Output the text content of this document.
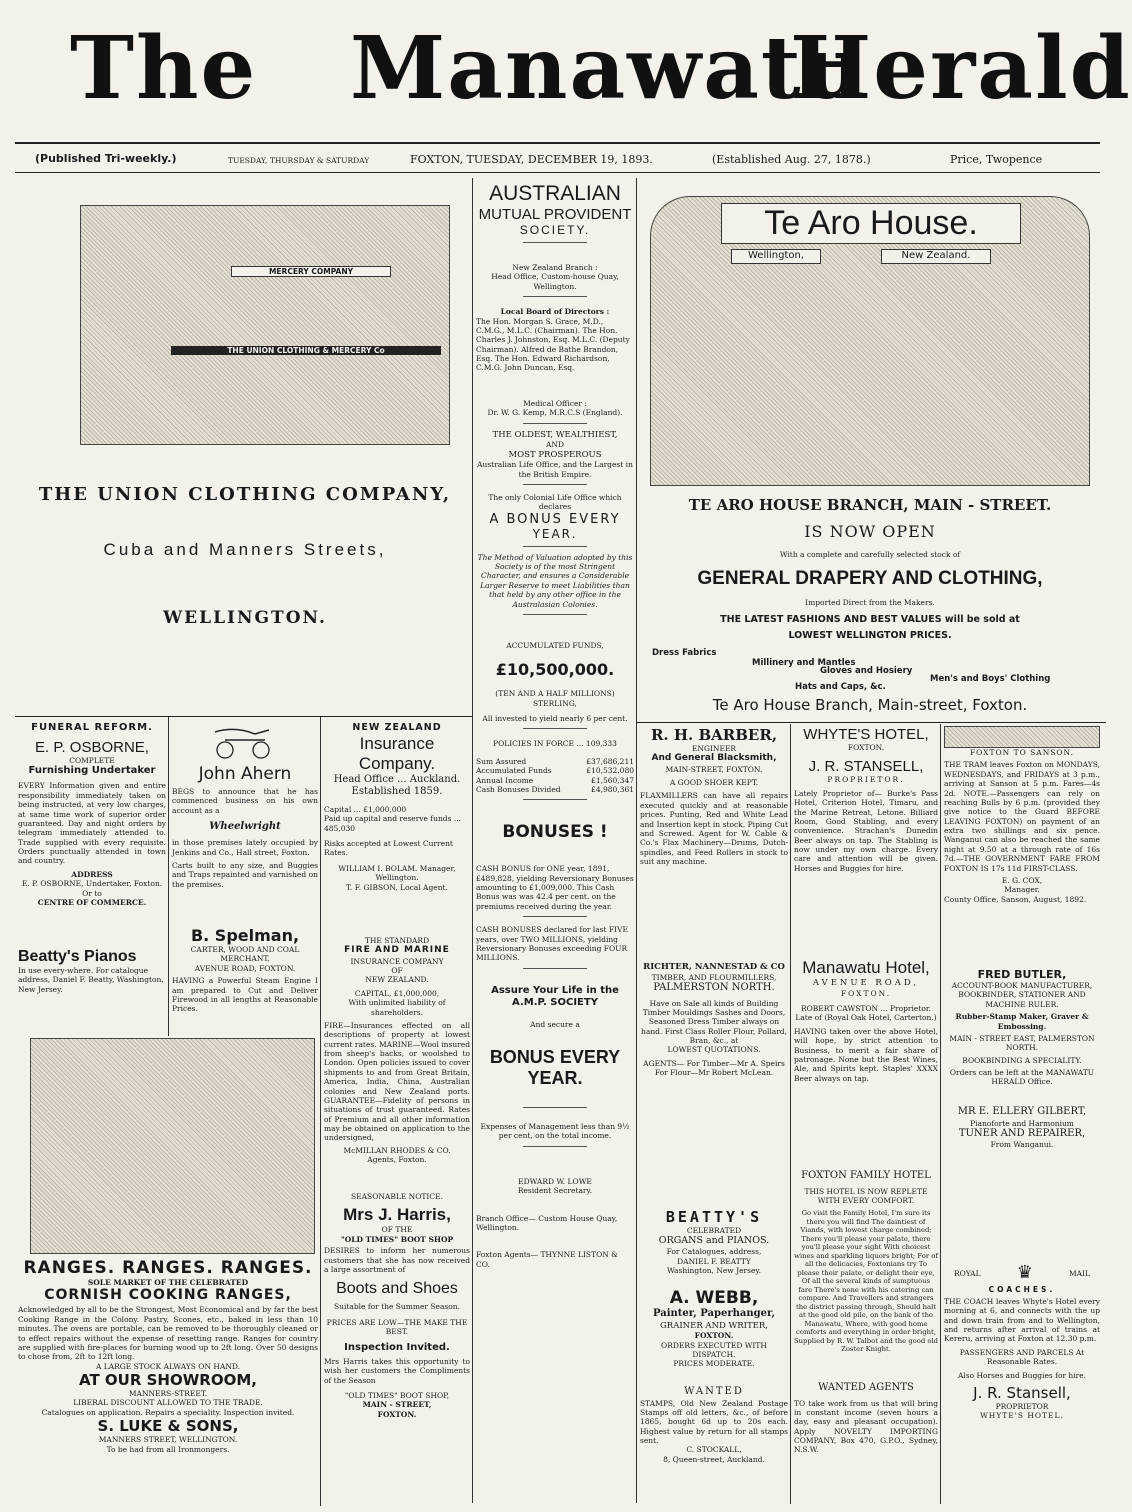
The Manawatu
Herald
(Published Tri-weekly.)	TUESDAY, THURSDAY & SATURDAY	FOXTON, TUESDAY, DECEMBER 19, 1893.	(Established Aug. 27, 1878.)	Price, Twopence
MERCERY COMPANY
THE UNION CLOTHING & MERCERY Co
THE UNION CLOTHING COMPANY,
Cuba and Manners Streets,
WELLINGTON.
AUSTRALIAN
MUTUAL PROVIDENT
SOCIETY.
New Zealand Branch :
Head Office, Custom-house Quay, Wellington.
Local Board of Directors :
The Hon. Morgan S. Grace, M.D., C.M.G., M.L.C. (Chairman). The Hon. Charles J. Johnston, Esq. M.L.C. (Deputy Chairman). Alfred de Bathe Brandon, Esq. The Hon. Edward Richardson, C.M.G. John Duncan, Esq.
Medical Officer :
Dr. W. G. Kemp, M.R.C.S (England).
THE OLDEST, WEALTHIEST,
AND
MOST PROSPEROUS
Australian Life Office, and the Largest in the British Empire.
The only Colonial Life Office which
declares
A BONUS EVERY
YEAR.
The Method of Valuation adopted by this Society is of the most Stringent Character, and ensures a Considerable Larger Reserve to meet Liabilities than that held by any other office in the Australasian Colonies.
ACCUMULATED FUNDS,
£10,500,000.
(TEN AND A HALF MILLIONS) STERLING,
All invested to yield nearly 6 per cent.
POLICIES IN FORCE ... 109,333
Sum Assured	£37,686,211
Accumulated Funds	£10,532,080
Annual Income	£1,560,347
Cash Bonuses Divided	£4,980,361
BONUSES !
CASH BONUS for ONE year, 1891, £489,828, yielding Reversionary Bonuses amounting to £1,009,000. This Cash Bonus was was 42.4 per cent. on the premiums received during the year.
CASH BONUSES declared for last FIVE years, over TWO MILLIONS, yielding Reversionary Bonuses exceeding FOUR MILLIONS.
Assure Your Life in the A.M.P. SOCIETY
And secure a
BONUS EVERY YEAR.
Expenses of Management less than 9½ per cent, on the total income.
EDWARD W. LOWE
Resident Secretary.
Branch Office— Custom House Quay, Wellington.
Foxton Agents— THYNNE LISTON & CO.
Te Aro House.
Wellington,	New Zealand.
TE ARO HOUSE BRANCH, MAIN - STREET.
IS NOW OPEN
With a complete and carefully selected stock of
GENERAL DRAPERY AND CLOTHING,
Imported Direct from the Makers.
THE LATEST FASHIONS AND BEST VALUES will be sold at
LOWEST WELLINGTON PRICES.
Dress Fabrics
Millinery and Mantles
Gloves and Hosiery
Men's and Boys' Clothing
Hats and Caps, &c.
Te Aro House Branch, Main-street, Foxton.
FUNERAL REFORM.
E. P. OSBORNE,
COMPLETE
Furnishing Undertaker
EVERY Information given and entire responsibility immediately taken on being instructed, at very low charges, at same time work of superior order guaranteed. Day and night orders by telegram immediately attended to. Trade supplied with every requisite. Orders punctually attended in town and country.
ADDRESS
E. P. OSBORNE, Undertaker, Foxton.
Or to
CENTRE OF COMMERCE.
John Ahern
BEGS to announce that he has commenced business on his own account as a
Wheelwright
in those premises lately occupied by Jenkins and Co., Hall street, Foxton.
Carts built to any size, and Buggies and Traps repainted and varnished on the premises.
B. Spelman,
CARTER, WOOD AND COAL MERCHANT,
AVENUE ROAD, FOXTON.
HAVING a Powerful Steam Engine I am prepared to Cut and Deliver Firewood in all lengths at Reasonable Prices.
Beatty's Pianos
In use every-where. For catalogue address, Daniel F. Beatty, Washington, New Jersey.
RANGES. RANGES. RANGES.
SOLE MARKET OF THE CELEBRATED
CORNISH COOKING RANGES,
Acknowledged by all to be the Strongest, Most Economical and by far the best Cooking Range in the Colony. Pastry, Scones, etc., baked in less than 10 minutes. The ovens are portable, can be removed to be thoroughly cleaned or to effect repairs without the expense of resetting range. Ranges for country are supplied with fire-places for burning wood up to 2ft long. Over 50 designs to chose from, 2ft to 12ft long.
A LARGE STOCK ALWAYS ON HAND.
AT OUR SHOWROOM,
MANNERS-STREET.
LIBERAL DISCOUNT ALLOWED TO THE TRADE.
Catalogues on application. Repairs a speciality. Inspection invited.
S. LUKE & SONS,
MANNERS STREET, WELLINGTON.
To be had from all Ironmongers.
NEW ZEALAND
Insurance Company.
Head Office ... Auckland.
Established 1859.
Capital ... £1,000,000
Paid up capital and reserve funds ... 485,030
Risks accepted at Lowest Current Rates.
WILLIAM I. BOLAM. Manager, Wellington.
T. F. GIBSON, Local Agent.
THE STANDARD
FIRE AND MARINE
INSURANCE COMPANY
OF
NEW ZEALAND.
CAPITAL, £1,000,000,
With unlimited liability of shareholders.
FIRE—Insurances effected on all descriptions of property at lowest current rates. MARINE—Wool insured from sheep's backs, or woolshed to London. Open policies issued to cover shipments to and from Great Britain, America, India, China, Australian colonies and New Zealand ports. GUARANTEE—Fidelity of persons in situations of trust guaranteed. Rates of Premium and all other information may be obtained on application to the undersigned,
McMILLAN RHODES & CO.
Agents, Foxton.
SEASONABLE NOTICE.
Mrs J. Harris,
OF THE
"OLD TIMES" BOOT SHOP
DESIRES to inform her numerous customers that she has now received a large assortment of
Boots and Shoes
Suitable for the Summer Season.
PRICES ARE LOW—THE MAKE THE BEST.
Inspection Invited.
Mrs Harris takes this opportunity to wish her customers the Compliments of the Season
"OLD TIMES" BOOT SHOP,
MAIN - STREET,
FOXTON.
R. H. BARBER,
ENGINEER
And General Blacksmith,
MAIN-STREET, FOXTON.
A GOOD SHOER KEPT.
FLAXMILLERS can have all repairs executed quickly and at reasonable prices. Punting, Red and White Lead and Insertion kept in stock. Piping Cut and Screwed. Agent for W. Cable & Co.'s Flax Machinery—Drums, Dutch-spindles, and Feed Rollers in stock to suit any machine.
RICHTER, NANNESTAD & CO
TIMBER, AND FLOURMILLERS,
PALMERSTON NORTH.
Have on Sale all kinds of Building Timber Mouldings Sashes and Doors, Seasoned Dress Timber always on hand. First Class Roller Flour, Pollard, Bran, &c., at
LOWEST QUOTATIONS.
AGENTS— For Timber—Mr A. Speirs For Flour—Mr Robert McLean.
BEATTY'S
CELEBRATED
ORGANS and PIANOS.
For Catalogues, address,
DANIEL F. BEATTY
Washington, New Jersey.
A. WEBB,
Painter, Paperhanger,
GRAINER AND WRITER,
FOXTON.
ORDERS EXECUTED WITH DISPATCH.
PRICES MODERATE.
WANTED
STAMPS, Old New Zealand Postage Stamps off old letters, &c., of before 1865, bought 6d up to 20s each. Highest value by return for all stamps sent.
C. STOCKALL,
8, Queen-street, Auckland.
WHYTE'S HOTEL,
FOXTON.
J. R. STANSELL,
PROPRIETOR.
Lately Proprietor of— Burke's Pass Hotel, Criterion Hotel, Timaru, and the Marine Retreat, Letone. Billiard Room, Good Stabling, and every convenience. Strachan's Dunedin Beer always on tap. The Stabling is now under my own charge. Every care and attention will be given. Horses and Buggies for hire.
Manawatu Hotel,
AVENUE ROAD,
FOXTON.
ROBERT CAWSTON ... Proprietor.
Late of (Royal Oak Hotel, Carterton.)
HAVING taken over the above Hotel, will hope, by strict attention to Business, to merit a fair share of patronage. None but the Best Wines, Ale, and Spirits kept. Staples' XXXX Beer always on tap.
FOXTON FAMILY HOTEL
THIS HOTEL IS NOW REPLETE WITH EVERY COMFORT.
Go visit the Family Hotel, I'm sure its there you will find The daintiest of Viands, with lowest charge combined; There you'll please your palate, there you'll please your sight With choicest wines and sparkling liquors bright; For of all the delicacies, Foxtonians try To please their palate, or delight their eye, Of all the several kinds of sumptuous fare There's none with his catering can compare. And Travellers and strangers the district passing through, Should halt at the good old pile, on the bank of the Manawatu, Where, with good home comforts and everything in order bright, Supplied by R. W. Talbot and the good old Zoster Knight.
WANTED AGENTS
TO take work from us that will bring in constant income (seven hours a day, easy and pleasant occupation). Apply NOVELTY IMPORTING COMPANY, Box 470, G.P.O., Sydney, N.S.W.
FOXTON TO SANSON.
THE TRAM leaves Foxton on MONDAYS, WEDNESDAYS, and FRIDAYS at 3 p.m., arriving at Sanson at 5 p.m. Fares—4s 2d. NOTE.—Passengers can rely on reaching Bulls by 6 p.m. (provided they give notice to the Guard BEFORE LEAVING FOXTON) on payment of an extra two shillings and six pence. Wanganui can also be reached the same night at 9.50 at a through rate of 16s 7d.—THE GOVERNMENT FARE FROM FOXTON IS 17s 11d FIRST-CLASS.
E. G. COX,
Manager.
County Office, Sanson, August, 1892.
FRED BUTLER,
ACCOUNT-BOOK MANUFACTURER, BOOKBINDER, STATIONER AND MACHINE RULER.
Rubber-Stamp Maker, Graver & Embossing.
MAIN - STREET EAST, PALMERSTON NORTH.
BOOKBINDING A SPECIALITY.
Orders can be left at the MANAWATU HERALD Office.
MR E. ELLERY GILBERT,
Pianoforte and Harmonium
TUNER AND REPAIRER,
From Wanganui.
ROYAL ♛	MAIL
COACHES.
THE COACH leaves Whyte's Hotel every morning at 6, and connects with the up and down train from and to Wellington, and returns after arrival of trains at Kereru, arriving at Foxton at 12.30 p.m.
PASSENGERS AND PARCELS At Reasonable Rates.
Also Horses and Buggies for hire.
J. R. Stansell,
PROPRIETOR
WHYTE'S HOTEL.
